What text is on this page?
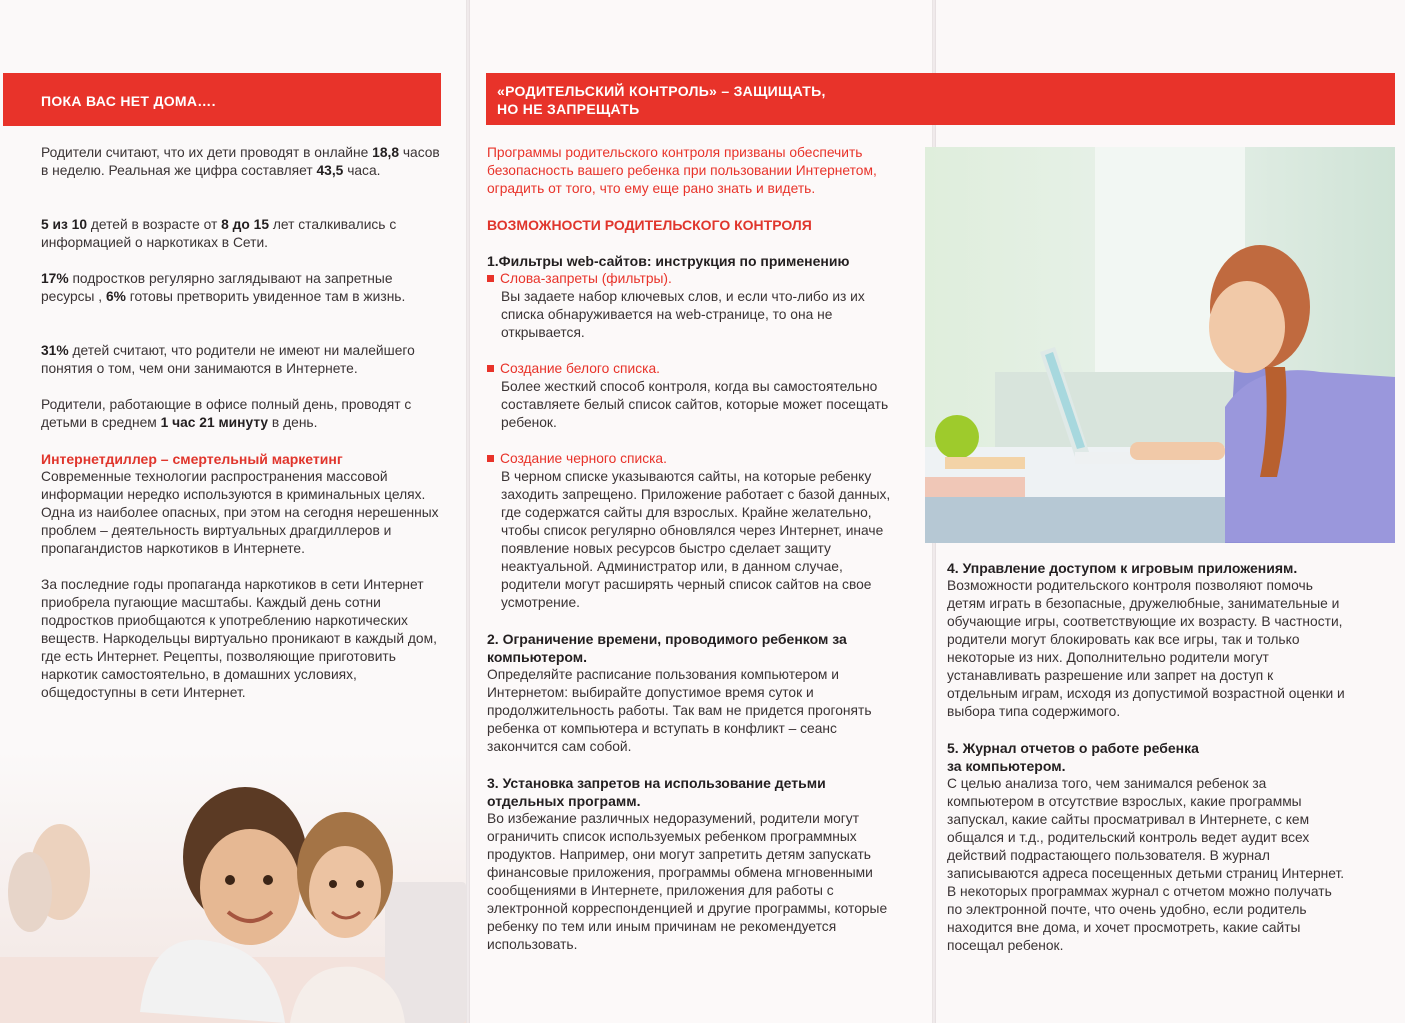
ПОКА ВАС НЕТ ДОМА….
Родители считают, что их дети проводят в онлайне 18,8 часов в неделю. Реальная же цифра составляет 43,5 часа.
5 из 10 детей в возрасте от 8 до 15 лет сталкивались с информацией о наркотиках в Сети.
17% подростков регулярно заглядывают на запретные ресурсы , 6% готовы претворить увиденное там в жизнь.
31% детей считают, что родители не имеют ни малейшего понятия о том, чем они занимаются в Интернете.
Родители, работающие в офисе полный день, проводят с детьми в среднем 1 час 21 минуту в день.
Интернетдиллер – смертельный маркетинг
Современные технологии распространения массовой информации нередко используются в криминальных целях. Одна из наиболее опасных, при этом на сегодня нерешенных проблем – деятельность виртуальных драгдиллеров и пропагандистов наркотиков в Интернете.
За последние годы пропаганда наркотиков в сети Интернет приобрела пугающие масштабы. Каждый день сотни подростков приобщаются к употреблению наркотических веществ. Наркодельцы виртуально проникают в каждый дом, где есть Интернет. Рецепты, позволяющие приготовить наркотик самостоятельно, в домашних условиях, общедоступны в сети Интернет.
«РОДИТЕЛЬСКИЙ КОНТРОЛЬ» – ЗАЩИЩАТЬ,
НО НЕ ЗАПРЕЩАТЬ
Программы родительского контроля призваны обеспечить безопасность вашего ребенка при пользовании Интернетом, оградить от того, что ему еще рано знать и видеть.
ВОЗМОЖНОСТИ РОДИТЕЛЬСКОГО КОНТРОЛЯ
1.Фильтры web-сайтов: инструкция по применению
Слова-запреты (фильтры).
Вы задаете набор ключевых слов, и если что-либо из их списка обнаруживается на web-странице, то она не открывается.
Создание белого списка.
Более жесткий способ контроля, когда вы самостоятельно составляете белый список сайтов, которые может посещать ребенок.
Создание черного списка.
В черном списке указываются сайты, на которые ребенку заходить запрещено. Приложение работает с базой данных, где содержатся сайты для взрослых. Крайне желательно, чтобы список регулярно обновлялся через Интернет, иначе появление новых ресурсов быстро сделает защиту неактуальной. Администратор или, в данном случае, родители могут расширять черный список сайтов на свое усмотрение.
2. Ограничение времени, проводимого ребенком за компьютером.
Определяйте расписание пользования компьютером и Интернетом: выбирайте допустимое время суток и продолжительность работы. Так вам не придется прогонять ребенка от компьютера и вступать в конфликт – сеанс закончится сам собой.
3. Установка запретов на использование детьми отдельных программ.
Во избежание различных недоразумений, родители могут ограничить список используемых ребенком программных продуктов. Например, они могут запретить детям запускать финансовые приложения, программы обмена мгновенными сообщениями в Интернете, приложения для работы с электронной корреспонденцией и другие программы, которые ребенку по тем или иным причинам не рекомендуется использовать.
4. Управление доступом к игровым приложениям.
Возможности родительского контроля позволяют помочь детям играть в безопасные, дружелюбные, занимательные и обучающие игры, соответствующие их возрасту. В частности, родители могут блокировать как все игры, так и только некоторые из них. Дополнительно родители могут устанавливать разрешение или запрет на доступ к отдельным играм, исходя из допустимой возрастной оценки и выбора типа содержимого.
5. Журнал отчетов о работе ребенка
за компьютером.
С целью анализа того, чем занимался ребенок за компьютером в отсутствие взрослых, какие программы запускал, какие сайты просматривал в Интернете, с кем общался и т.д., родительский контроль ведет аудит всех действий подрастающего пользователя. В журнал записываются адреса посещенных детьми страниц Интернет. В некоторых программах журнал с отчетом можно получать по электронной почте, что очень удобно, если родитель находится вне дома, и хочет просмотреть, какие сайты посещал ребенок.
